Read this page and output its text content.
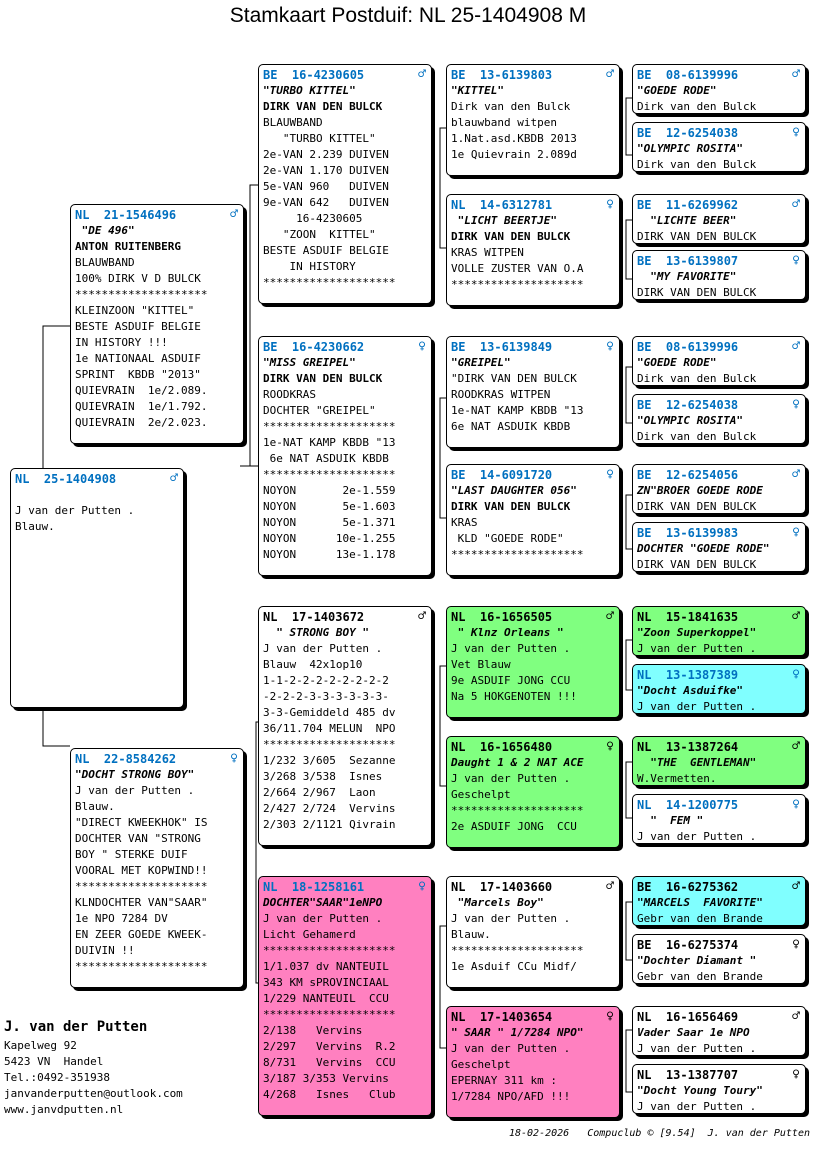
Stamkaart Postduif: NL 25-1404908 M
NL  25-1404908	♂
J van der Putten .
Blauw.
NL  21-1546496	♂
"DE 496"
ANTON RUITENBERG
BLAUWBAND
100% DIRK V D BULCK
********************
KLEINZOON "KITTEL"
BESTE ASDUIF BELGIE
IN HISTORY !!!
1e NATIONAAL ASDUIF
SPRINT  KBDB "2013"
QUIEVRAIN  1e/2.089.
QUIEVRAIN  1e/1.792.
QUIEVRAIN  2e/2.023.
NL  22-8584262	♀
"DOCHT STRONG BOY"
J van der Putten .
Blauw.
"DIRECT KWEEKHOK" IS
DOCHTER VAN "STRONG
BOY " STERKE DUIF
VOORAL MET KOPWIND!!
********************
KLNDOCHTER VAN"SAAR"
1e NPO 7284 DV
EN ZEER GOEDE KWEEK-
DUIVIN !!
********************
BE  16-4230605	♂
"TURBO KITTEL"
DIRK VAN DEN BULCK
BLAUWBAND
"TURBO KITTEL"
2e-VAN 2.239 DUIVEN
2e-VAN 1.170 DUIVEN
5e-VAN 960   DUIVEN
9e-VAN 642   DUIVEN
16-4230605
"ZOON  KITTEL"
BESTE ASDUIF BELGIE
IN HISTORY
********************
BE  16-4230662	♀
"MISS GREIPEL"
DIRK VAN DEN BULCK
ROODKRAS
DOCHTER "GREIPEL"
********************
1e-NAT KAMP KBDB "13
6e NAT ASDUIK KBDB
********************
NOYON       2e-1.559
NOYON       5e-1.603
NOYON       5e-1.371
NOYON      10e-1.255
NOYON      13e-1.178
NL  17-1403672	♂
" STRONG BOY "
J van der Putten .
Blauw  42x1op10
1-1-2-2-2-2-2-2-2-2
-2-2-2-3-3-3-3-3-3-
3-3-Gemiddeld 485 dv
36/11.704 MELUN  NPO
********************
1/232 3/605  Sezanne
3/268 3/538  Isnes
2/664 2/967  Laon
2/427 2/724  Vervins
2/303 2/1121 Qivrain
NL  18-1258161	♀
DOCHTER"SAAR"1eNPO
J van der Putten .
Licht Gehamerd
********************
1/1.037 dv NANTEUIL
343 KM sPROVINCIAAL
1/229 NANTEUIL  CCU
********************
2/138   Vervins
2/297   Vervins  R.2
8/731   Vervins  CCU
3/187 3/353 Vervins
4/268   Isnes   Club
BE  13-6139803	♂
"KITTEL"
Dirk van den Bulck
blauwband witpen
1.Nat.asd.KBDB 2013
1e Quievrain 2.089d
NL  14-6312781	♀
"LICHT BEERTJE"
DIRK VAN DEN BULCK
KRAS WITPEN
VOLLE ZUSTER VAN O.A
********************
BE  13-6139849	♀
"GREIPEL"
"DIRK VAN DEN BULCK
ROODKRAS WITPEN
1e-NAT KAMP KBDB "13
6e NAT ASDUIK KBDB
BE  14-6091720	♀
"LAST DAUGHTER 056"
DIRK VAN DEN BULCK
KRAS
KLD "GOEDE RODE"
********************
NL  16-1656505	♂
" Klnz Orleans "
J van der Putten .
Vet Blauw
9e ASDUIF JONG CCU
Na 5 HOKGENOTEN !!!
NL  16-1656480	♀
Daught 1 & 2 NAT ACE
J van der Putten .
Geschelpt
********************
2e ASDUIF JONG  CCU
NL  17-1403660	♂
"Marcels Boy"
J van der Putten .
Blauw.
********************
1e Asduif CCu Midf/
NL  17-1403654	♀
" SAAR " 1/7284 NPO"
J van der Putten .
Geschelpt
EPERNAY 311 km :
1/7284 NPO/AFD !!!
BE  08-6139996	♂
"GOEDE RODE"
Dirk van den Bulck
BE  12-6254038	♀
"OLYMPIC ROSITA"
Dirk van den Bulck
BE  11-6269962	♂
"LICHTE BEER"
DIRK VAN DEN BULCK
BE  13-6139807	♀
"MY FAVORITE"
DIRK VAN DEN BULCK
BE  08-6139996	♂
"GOEDE RODE"
Dirk van den Bulck
BE  12-6254038	♀
"OLYMPIC ROSITA"
Dirk van den Bulck
BE  12-6254056	♂
ZN"BROER GOEDE RODE
DIRK VAN DEN BULCK
BE  13-6139983	♀
DOCHTER "GOEDE RODE"
DIRK VAN DEN BULCK
NL  15-1841635	♂
"Zoon Superkoppel"
J van der Putten .
NL  13-1387389	♀
"Docht Asduifke"
J van der Putten .
NL  13-1387264	♂
"THE  GENTLEMAN"
W.Vermetten.
NL  14-1200775	♀
"  FEM "
J van der Putten .
BE  16-6275362	♂
"MARCELS  FAVORITE"
Gebr van den Brande
BE  16-6275374	♀
"Dochter Diamant "
Gebr van den Brande
NL  16-1656469	♂
Vader Saar 1e NPO
J van der Putten .
NL  13-1387707	♀
"Docht Young Toury"
J van der Putten .
J. van der Putten
Kapelweg 92
5423 VN  Handel
Tel.:0492-351938
janvanderputten@outlook.com
www.janvdputten.nl
18-02-2026   Compuclub © [9.54]  J. van der Putten
